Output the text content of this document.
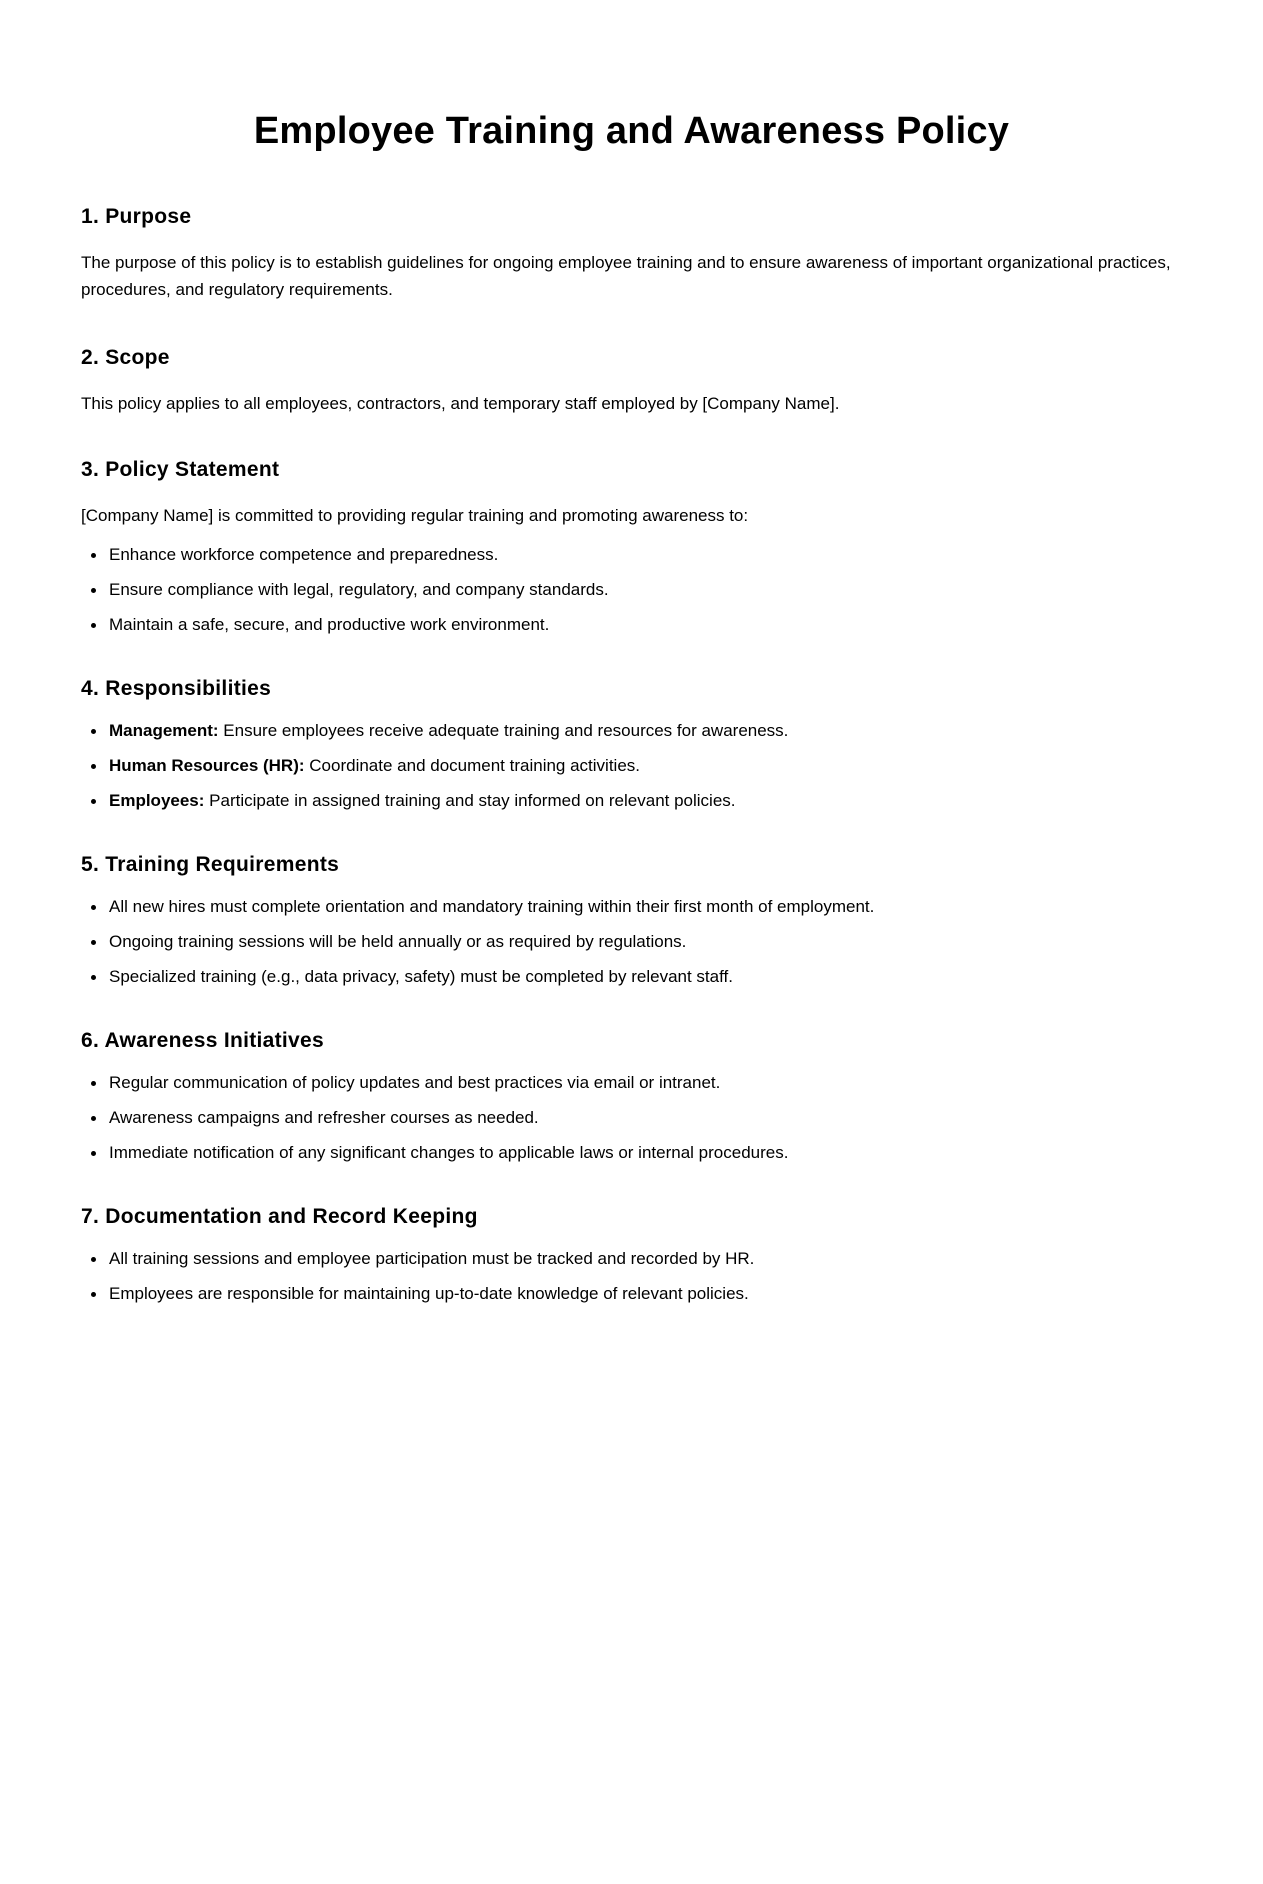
Employee Training and Awareness Policy
1. Purpose

The purpose of this policy is to establish guidelines for ongoing employee training and to ensure awareness of important organizational practices, procedures, and regulatory requirements.

2. Scope

This policy applies to all employees, contractors, and temporary staff employed by [Company Name].

3. Policy Statement

[Company Name] is committed to providing regular training and promoting awareness to:

Enhance workforce competence and preparedness.
Ensure compliance with legal, regulatory, and company standards.
Maintain a safe, secure, and productive work environment.
4. Responsibilities
Management: Ensure employees receive adequate training and resources for awareness.
Human Resources (HR): Coordinate and document training activities.
Employees: Participate in assigned training and stay informed on relevant policies.
5. Training Requirements
All new hires must complete orientation and mandatory training within their first month of employment.
Ongoing training sessions will be held annually or as required by regulations.
Specialized training (e.g., data privacy, safety) must be completed by relevant staff.
6. Awareness Initiatives
Regular communication of policy updates and best practices via email or intranet.
Awareness campaigns and refresher courses as needed.
Immediate notification of any significant changes to applicable laws or internal procedures.
7. Documentation and Record Keeping
All training sessions and employee participation must be tracked and recorded by HR.
Employees are responsible for maintaining up-to-date knowledge of relevant policies.
